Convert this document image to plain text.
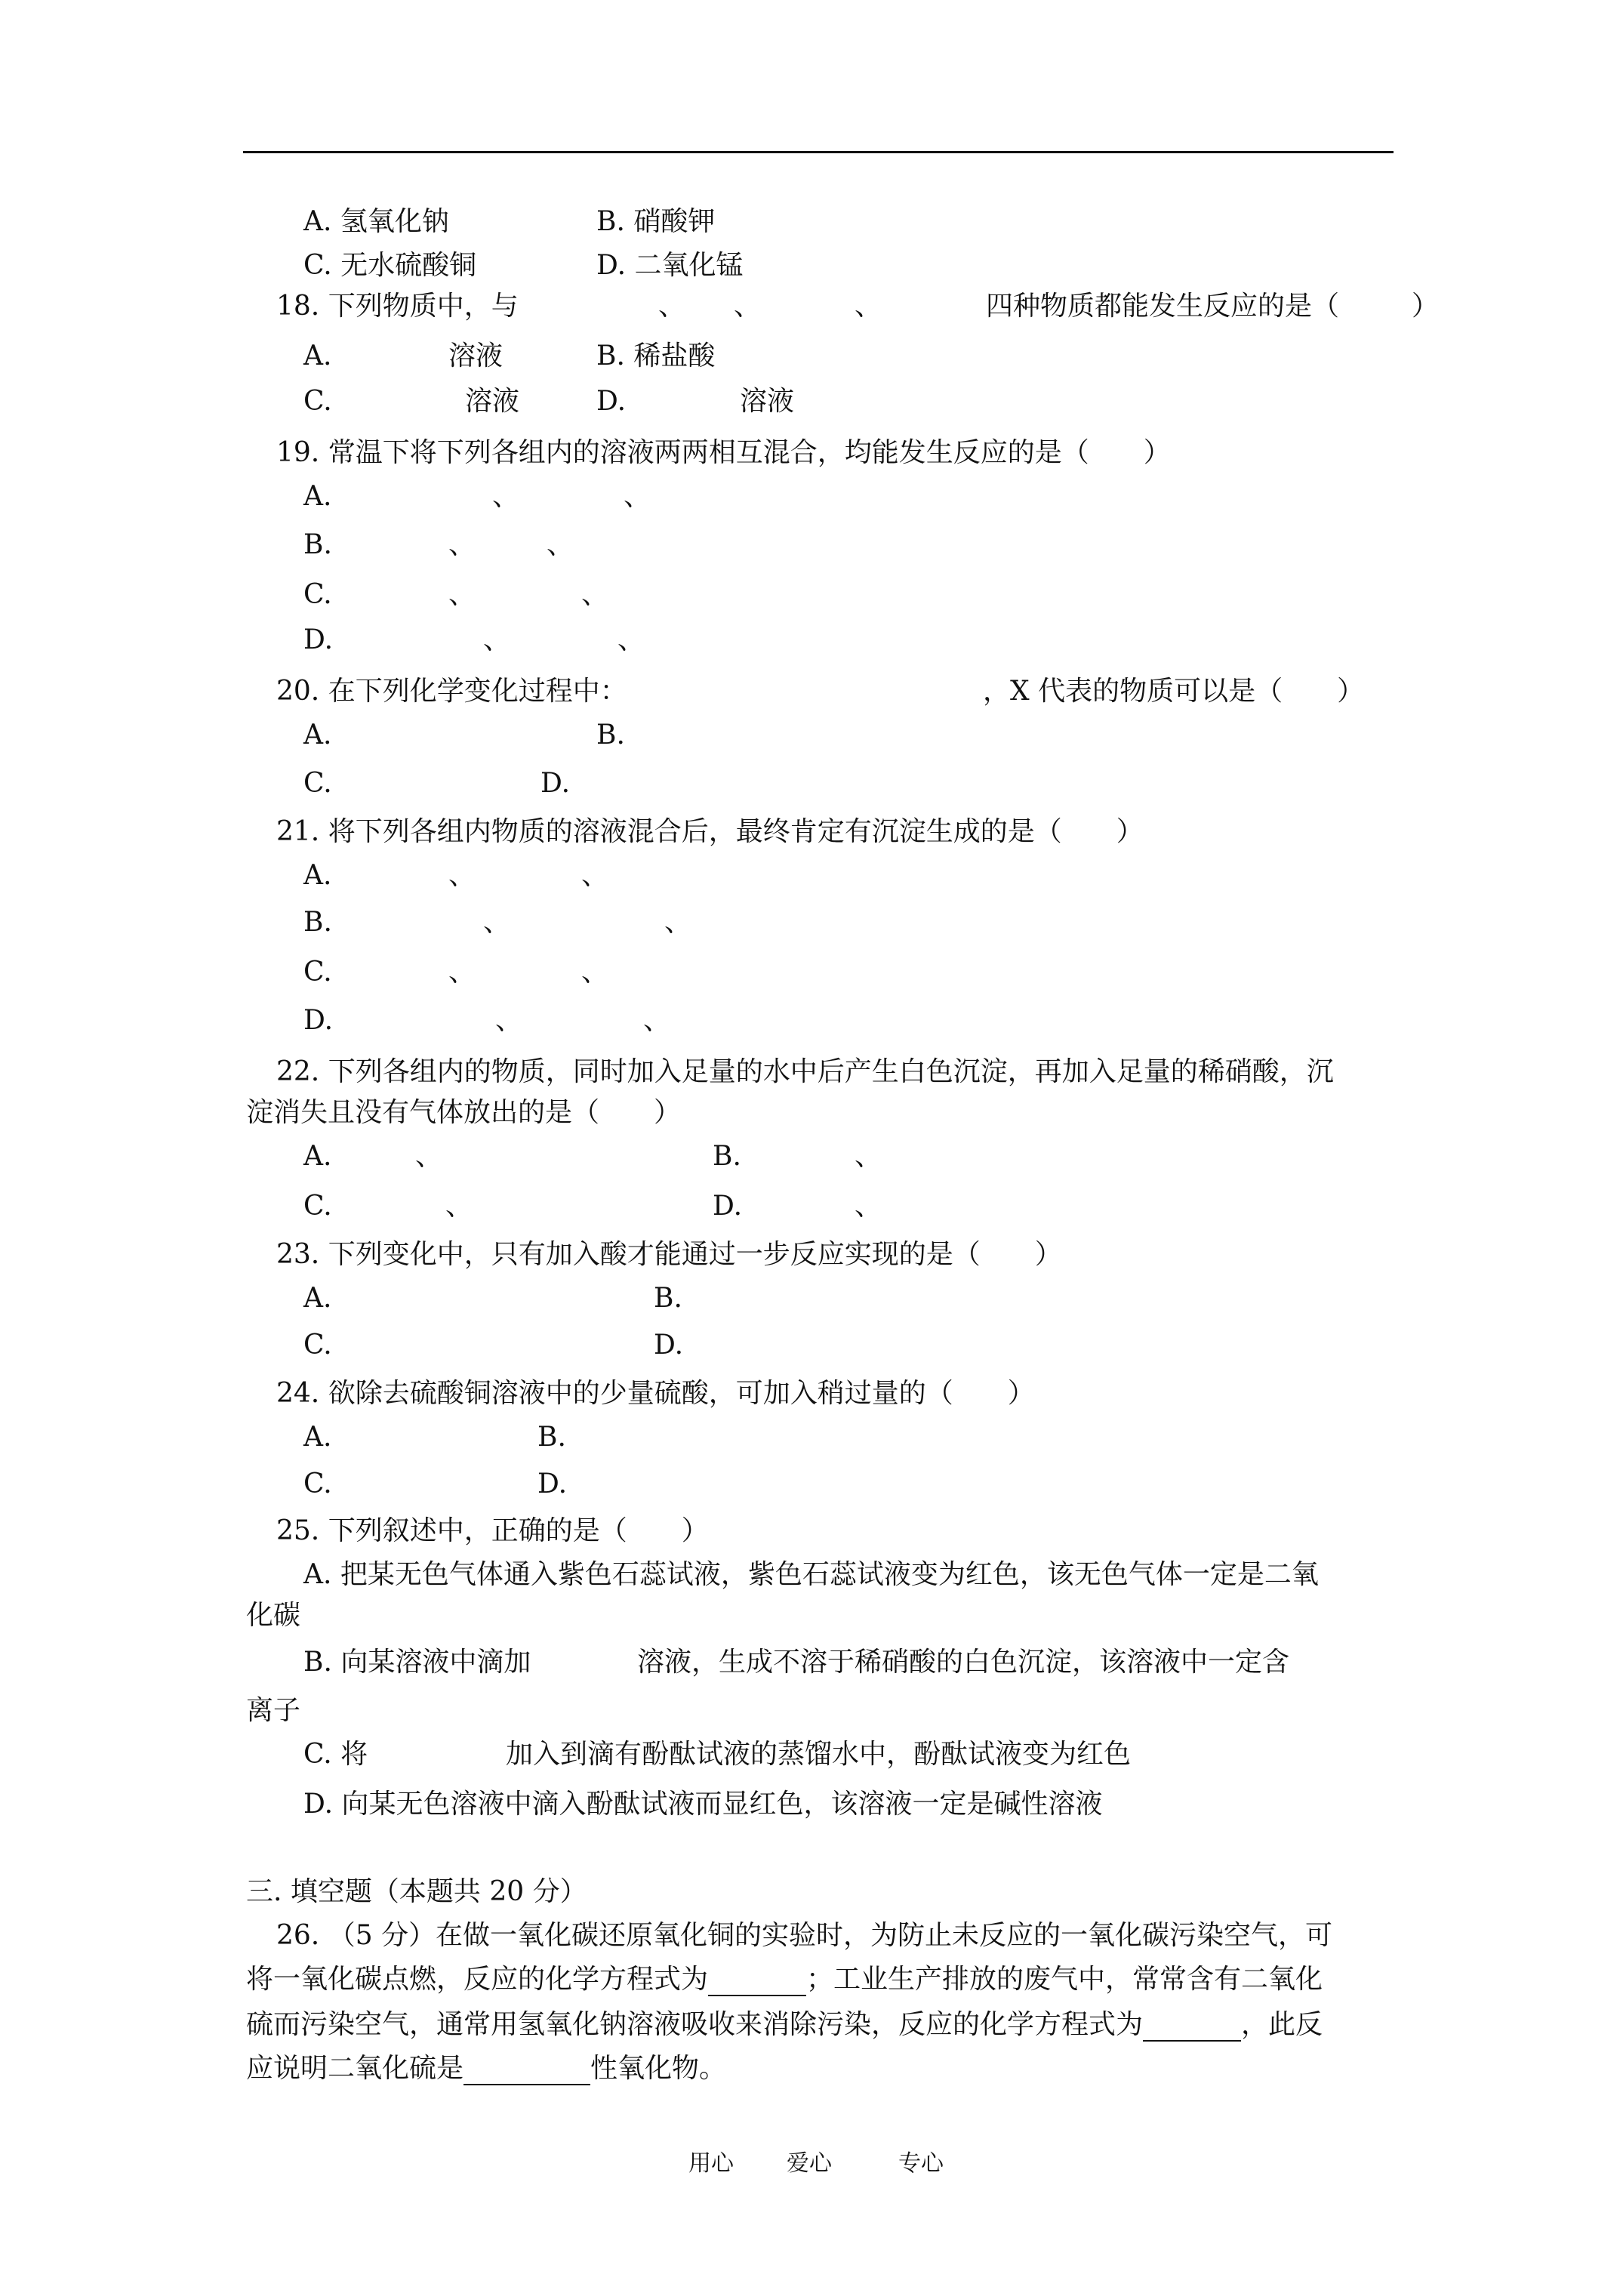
A. 氢氧化钠	B. 硝酸钾
C. 无水硫酸铜	D. 二氧化锰
18. 下列物质中，与	、 、	、	四种物质都能发生反应的是（	）
A.	溶液	B. 稀盐酸
C.	溶液	D.	溶液
19. 常温下将下列各组内的溶液两两相互混合，均能发生反应的是（　　）
A.	、	、
B.	、	、
C.	、	、
D.	、	、
20. 在下列化学变化过程中：	，X 代表的物质可以是（　　）
A.	B.
C.	D.
21. 将下列各组内物质的溶液混合后，最终肯定有沉淀生成的是（　　）
A.	、	、
B.	、	、
C.	、	、
D.	、	、
22. 下列各组内的物质，同时加入足量的水中后产生白色沉淀，再加入足量的稀硝酸，沉
淀消失且没有气体放出的是（　　）
A.	、	B.	、
C.	、	D.	、
23. 下列变化中，只有加入酸才能通过一步反应实现的是（　　）
A.	B.
C.	D.
24. 欲除去硫酸铜溶液中的少量硫酸，可加入稍过量的（　　）
A.	B.
C.	D.
25. 下列叙述中，正确的是（　　）
A. 把某无色气体通入紫色石蕊试液，紫色石蕊试液变为红色，该无色气体一定是二氧
化碳
B. 向某溶液中滴加	溶液，生成不溶于稀硝酸的白色沉淀，该溶液中一定含
离子
C. 将	加入到滴有酚酞试液的蒸馏水中，酚酞试液变为红色
D. 向某无色溶液中滴入酚酞试液而显红色，该溶液一定是碱性溶液
三. 填空题（本题共 20 分）
26. （5 分）在做一氧化碳还原氧化铜的实验时，为防止未反应的一氧化碳污染空气，可
将一氧化碳点燃，反应的化学方程式为	；工业生产排放的废气中，常常含有二氧化
硫而污染空气，通常用氢氧化钠溶液吸收来消除污染，反应的化学方程式为	，此反
应说明二氧化硫是	性氧化物。
用心 爱心	专心
